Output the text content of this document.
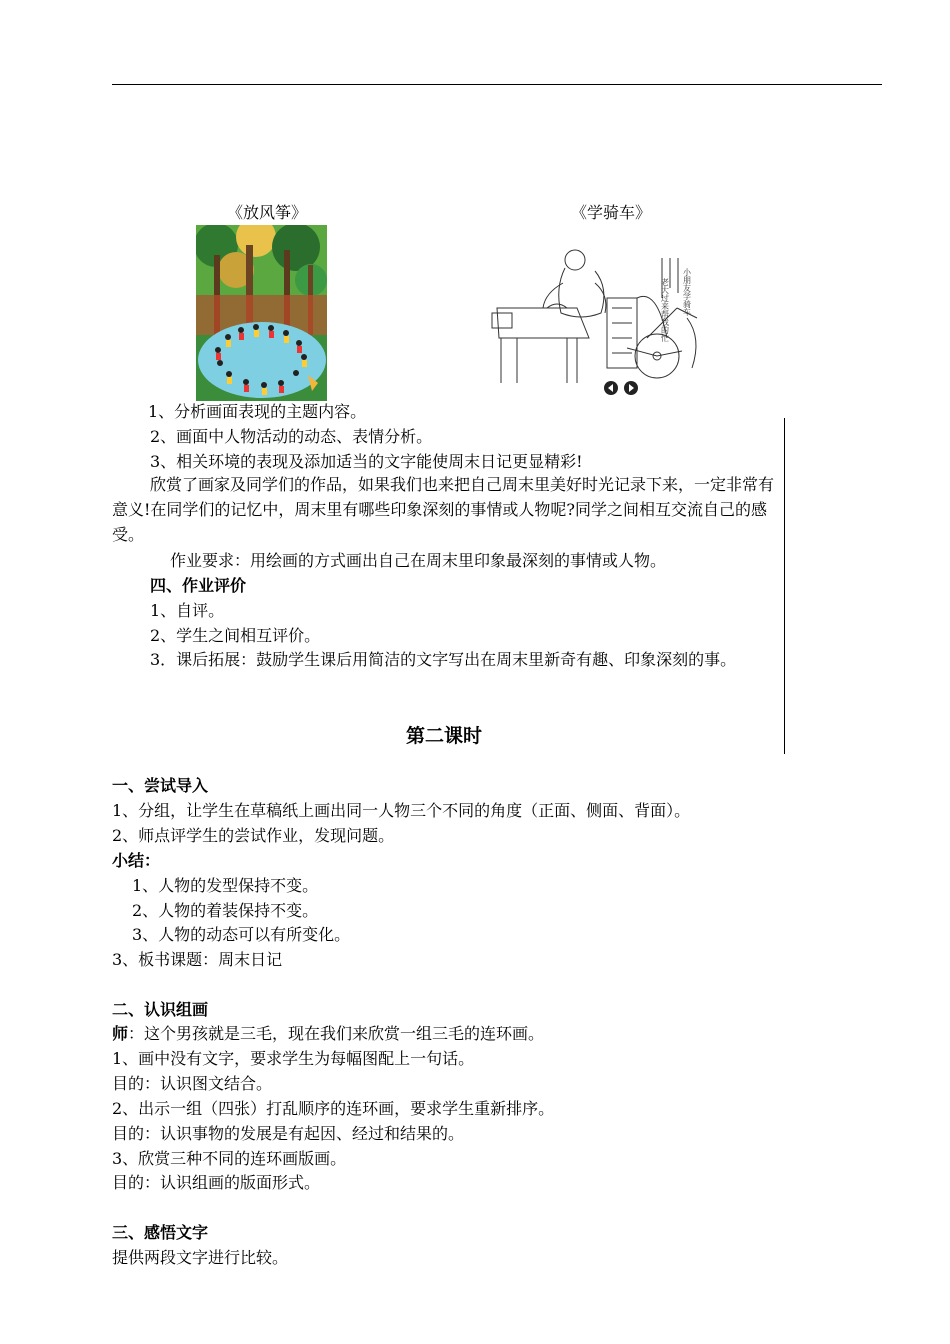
《放风筝》	《学骑车》
老大过来帮我的忙 小朋友学骑车
1、分析画面表现的主题内容。
2、画面中人物活动的动态、表情分析。
3、相关环境的表现及添加适当的文字能使周末日记更显精彩!
欣赏了画家及同学们的作品，如果我们也来把自己周末里美好时光记录下来，一定非常有意义!在同学们的记忆中，周末里有哪些印象深刻的事情或人物呢?同学之间相互交流自己的感受。
作业要求：用绘画的方式画出自己在周末里印象最深刻的事情或人物。
四、作业评价
1、自评。
2、学生之间相互评价。
3．课后拓展：鼓励学生课后用简洁的文字写出在周末里新奇有趣、印象深刻的事。
第二课时
一、尝试导入
1、分组，让学生在草稿纸上画出同一人物三个不同的角度（正面、侧面、背面）。
2、师点评学生的尝试作业，发现问题。
小结：
1、人物的发型保持不变。
2、人物的着装保持不变。
3、人物的动态可以有所变化。
3、板书课题：周末日记
二、认识组画
师：这个男孩就是三毛，现在我们来欣赏一组三毛的连环画。
1、画中没有文字，要求学生为每幅图配上一句话。
目的：认识图文结合。
2、出示一组（四张）打乱顺序的连环画，要求学生重新排序。
目的：认识事物的发展是有起因、经过和结果的。
3、欣赏三种不同的连环画版画。
目的：认识组画的版面形式。
三、感悟文字
提供两段文字进行比较。
